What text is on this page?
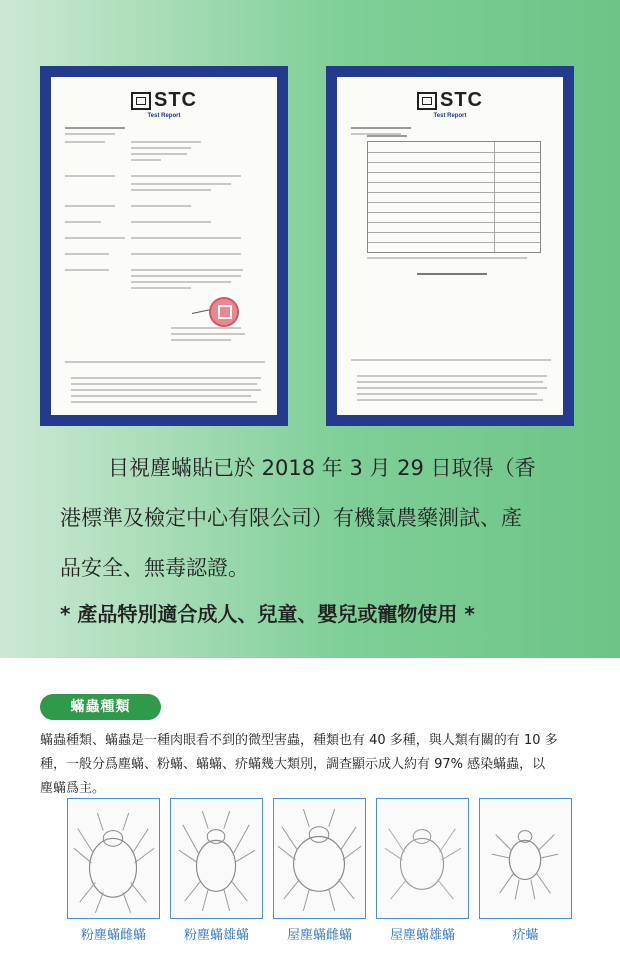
STC
Test Report
STC
Test Report
目視塵蟎貼已於 2018 年 3 月 29 日取得（香
港標準及檢定中心有限公司）有機氯農藥測試、產
品安全、無毒認證。
* 產品特別適合成人、兒童、嬰兒或寵物使用 *
蟎蟲種類
蟎蟲種類、蟎蟲是一種肉眼看不到的微型害蟲，種類也有 40 多種，與人類有關的有 10 多
種，一般分爲塵蟎、粉蟎、蟎蟎、疥蟎幾大類別，調查顯示成人約有 97% 感染蟎蟲，以
塵蟎爲主。
粉塵蟎雌蟎	粉塵蟎雄蟎	屋塵蟎雌蟎	屋塵蟎雄蟎	疥蟎
